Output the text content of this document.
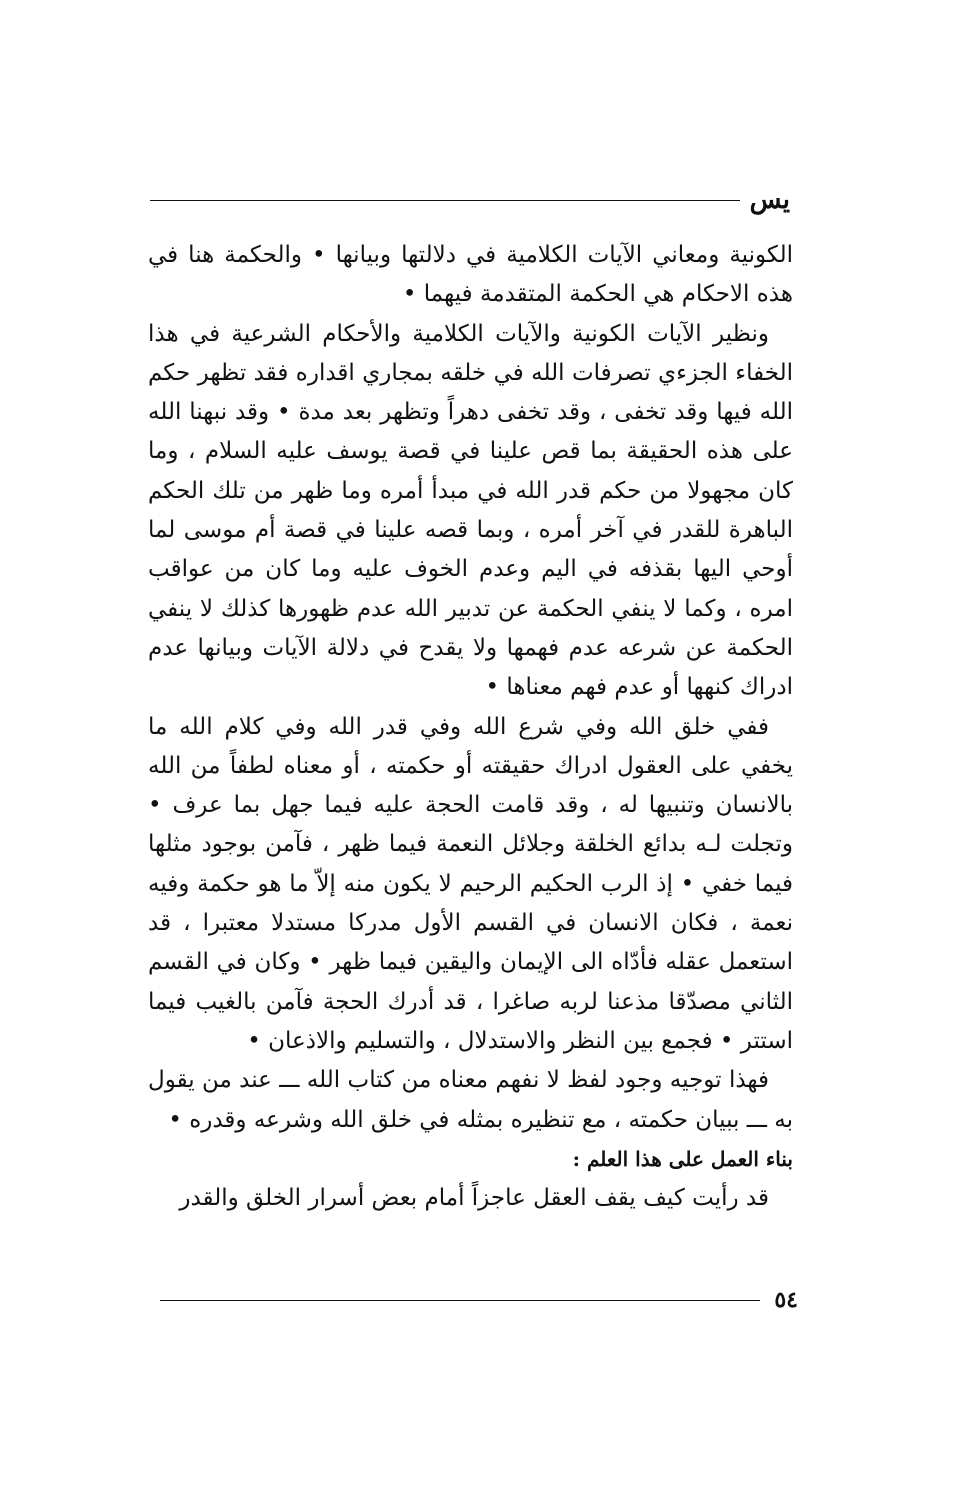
يس

الكونية ومعاني الآيات الكلامية في دلالتها وبيانها • والحكمة هنا في هذه الاحكام هي الحكمة المتقدمة فيهما •

ونظير الآيات الكونية والآيات الكلامية والأحكام الشرعية في هذا الخفاء الجزءي تصرفات الله في خلقه بمجاري اقداره فقد تظهر حكم الله فيها وقد تخفى ، وقد تخفى دهراً وتظهر بعد مدة • وقد نبهنا الله على هذه الحقيقة بما قص علينا في قصة يوسف عليه السلام ، وما كان مجهولا من حكم قدر الله في مبدأ أمره وما ظهر من تلك الحكم الباهرة للقدر في آخر أمره ، وبما قصه علينا في قصة أم موسى لما أوحي اليها بقذفه في اليم وعدم الخوف عليه وما كان من عواقب امره ، وكما لا ينفي الحكمة عن تدبير الله عدم ظهورها كذلك لا ينفي الحكمة عن شرعه عدم فهمها ولا يقدح في دلالة الآيات وبيانها عدم ادراك كنهها أو عدم فهم معناها •

ففي خلق الله وفي شرع الله وفي قدر الله وفي كلام الله ما يخفي على العقول ادراك حقيقته أو حكمته ، أو معناه لطفاً من الله بالانسان وتنبيها له ، وقد قامت الحجة عليه فيما جهل بما عرف • وتجلت لـه بدائع الخلقة وجلائل النعمة فيما ظهر ، فآمن بوجود مثلها فيما خفي • إذ الرب الحكيم الرحيم لا يكون منه إلاّ ما هو حكمة وفيه نعمة ، فكان الانسان في القسم الأول مدركا مستدلا معتبرا ، قد استعمل عقله فأدّاه الى الإيمان واليقين فيما ظهر • وكان في القسم الثاني مصدّقا مذعنا لربه صاغرا ، قد أدرك الحجة فآمن بالغيب فيما استتر • فجمع بين النظر والاستدلال ، والتسليم والاذعان •

فهذا توجيه وجود لفظ لا نفهم معناه من كتاب الله ـــ عند من يقول به ـــ ببيان حكمته ، مع تنظيره بمثله في خلق الله وشرعه وقدره •

بناء العمل على هذا العلم :

قد رأيت كيف يقف العقل عاجزاً أمام بعض أسرار الخلق والقدر

٥٤
